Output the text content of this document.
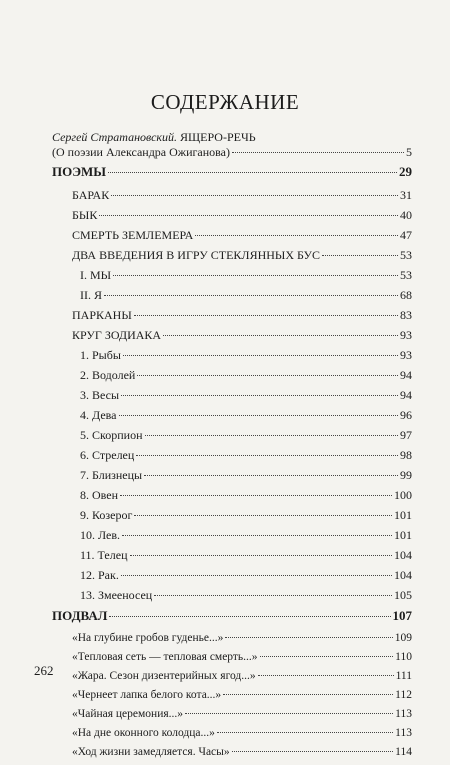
СОДЕРЖАНИЕ
Сергей Стратановский. ЯЩЕРО-РЕЧЬ
(О поэзии Александра Ожиганова)	5
ПОЭМЫ	29
БАРАК	31
БЫК	40
СМЕРТЬ ЗЕМЛЕМЕРА	47
ДВА ВВЕДЕНИЯ В ИГРУ СТЕКЛЯННЫХ БУС	53
I. МЫ	53
II. Я	68
ПАРКАНЫ	83
КРУГ ЗОДИАКА	93
1. Рыбы	93
2. Водолей	94
3. Весы	94
4. Дева	96
5. Скорпион	97
6. Стрелец	98
7. Близнецы	99
8. Овен	100
9. Козерог	101
10. Лев.	101
11. Телец	104
12. Рак.	104
13. Змееносец	105
ПОДВАЛ	107
«На глубине гробов гуденье...»	109
«Тепловая сеть — тепловая смерть...»	110
«Жара. Сезон дизентерийных ягод...»	111
«Чернеет лапка белого кота...»	112
«Чайная церемония...»	113
«На дне оконного колодца...»	113
«Ход жизни замедляется. Часы»	114
262
